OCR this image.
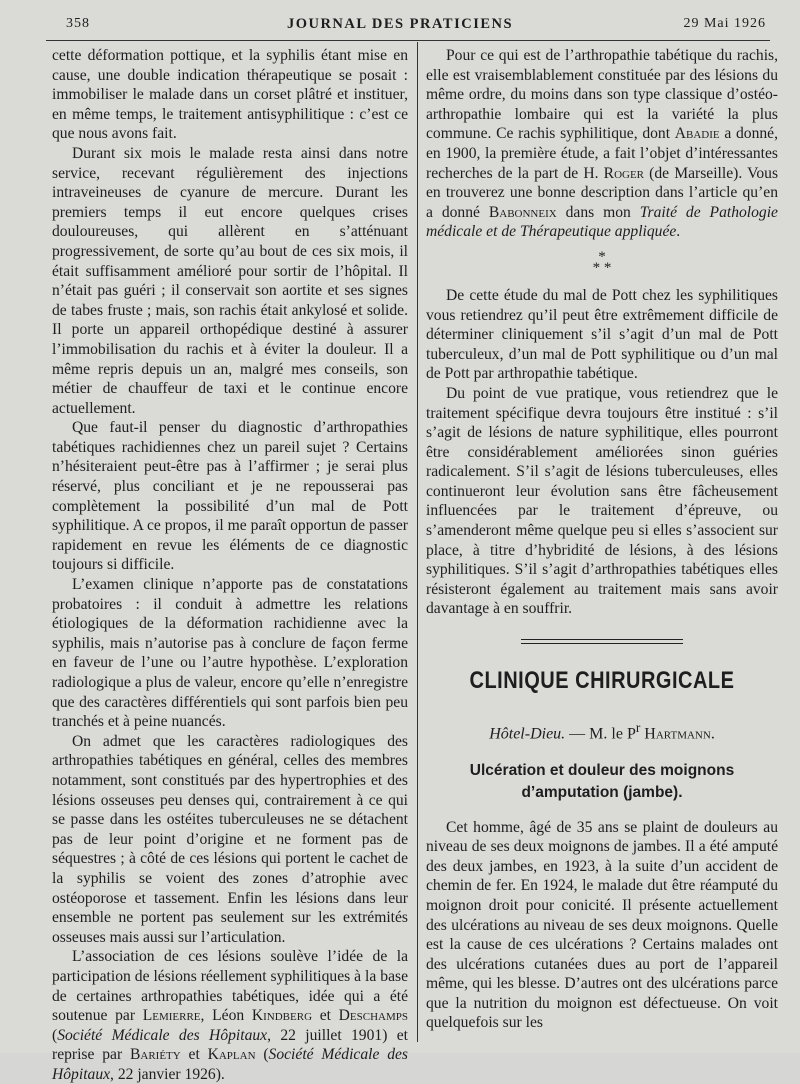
358	JOURNAL DES PRATICIENS	29 Mai 1926

cette déformation pottique, et la syphilis étant mise en cause, une double indication thérapeutique se posait : immobiliser le malade dans un corset plâtré et instituer, en même temps, le traitement antisyphilitique : c’est ce que nous avons fait.

Durant six mois le malade resta ainsi dans notre service, recevant régulièrement des injections intraveineuses de cyanure de mercure. Durant les premiers temps il eut encore quelques crises douloureuses, qui allèrent en s’atténuant progressivement, de sorte qu’au bout de ces six mois, il était suffisamment amélioré pour sortir de l’hôpital. Il n’était pas guéri ; il conservait son aortite et ses signes de tabes fruste ; mais, son rachis était ankylosé et solide. Il porte un appareil orthopédique destiné à assurer l’immobilisation du rachis et à éviter la douleur. Il a même repris depuis un an, malgré mes conseils, son métier de chauffeur de taxi et le continue encore actuellement.

Que faut-il penser du diagnostic d’arthropathies tabétiques rachidiennes chez un pareil sujet ? Certains n’hésiteraient peut-être pas à l’affirmer ; je serai plus réservé, plus conciliant et je ne repousserai pas complètement la possibilité d’un mal de Pott syphilitique. A ce propos, il me paraît opportun de passer rapidement en revue les éléments de ce diagnostic toujours si difficile.

L’examen clinique n’apporte pas de constatations probatoires : il conduit à admettre les relations étiologiques de la déformation rachidienne avec la syphilis, mais n’autorise pas à conclure de façon ferme en faveur de l’une ou l’autre hypothèse. L’exploration radiologique a plus de valeur, encore qu’elle n’enregistre que des caractères différentiels qui sont parfois bien peu tranchés et à peine nuancés.

On admet que les caractères radiologiques des arthropathies tabétiques en général, celles des membres notamment, sont constitués par des hypertrophies et des lésions osseuses peu denses qui, contrairement à ce qui se passe dans les ostéites tuberculeuses ne se détachent pas de leur point d’origine et ne forment pas de séquestres ; à côté de ces lésions qui portent le cachet de la syphilis se voient des zones d’atrophie avec ostéoporose et tassement. Enfin les lésions dans leur ensemble ne portent pas seulement sur les extrémités osseuses mais aussi sur l’articulation.

L’association de ces lésions soulève l’idée de la participation de lésions réellement syphilitiques à la base de certaines arthropathies tabétiques, idée qui a été soutenue par Lemierre, Léon Kindberg et Deschamps (Société Médicale des Hôpitaux, 22 juillet 1901) et reprise par Bariéty et Kaplan (Société Médicale des Hôpitaux, 22 janvier 1926).

Pour ce qui est de l’arthropathie tabétique du rachis, elle est vraisemblablement constituée par des lésions du même ordre, du moins dans son type classique d’ostéo-arthropathie lombaire qui est la variété la plus commune. Ce rachis syphilitique, dont Abadie a donné, en 1900, la première étude, a fait l’objet d’intéressantes recherches de la part de H. Roger (de Marseille). Vous en trouverez une bonne description dans l’article qu’en a donné Babonneix dans mon Traité de Pathologie médicale et de Thérapeutique appliquée.

*
* *

De cette étude du mal de Pott chez les syphilitiques vous retiendrez qu’il peut être extrêmement difficile de déterminer cliniquement s’il s’agit d’un mal de Pott tuberculeux, d’un mal de Pott syphilitique ou d’un mal de Pott par arthropathie tabétique.

Du point de vue pratique, vous retiendrez que le traitement spécifique devra toujours être institué : s’il s’agit de lésions de nature syphilitique, elles pourront être considérablement améliorées sinon guéries radicalement. S’il s’agit de lésions tuberculeuses, elles continueront leur évolution sans être fâcheusement influencées par le traitement d’épreuve, ou s’amenderont même quelque peu si elles s’associent sur place, à titre d’hybridité de lésions, à des lésions syphilitiques. S’il s’agit d’arthropathies tabétiques elles résisteront également au traitement mais sans avoir davantage à en souffrir.

CLINIQUE CHIRURGICALE
Hôtel-Dieu. — M. le $P^r$ Hartmann.
Ulcération et douleur des moignons d’amputation (jambe).

Cet homme, âgé de 35 ans se plaint de douleurs au niveau de ses deux moignons de jambes. Il a été amputé des deux jambes, en 1923, à la suite d’un accident de chemin de fer. En 1924, le malade dut être réamputé du moignon droit pour conicité. Il présente actuellement des ulcérations au niveau de ses deux moignons. Quelle est la cause de ces ulcérations ? Certains malades ont des ulcérations cutanées dues au port de l’appareil même, qui les blesse. D’autres ont des ulcérations parce que la nutrition du moignon est défectueuse. On voit quelquefois sur les
